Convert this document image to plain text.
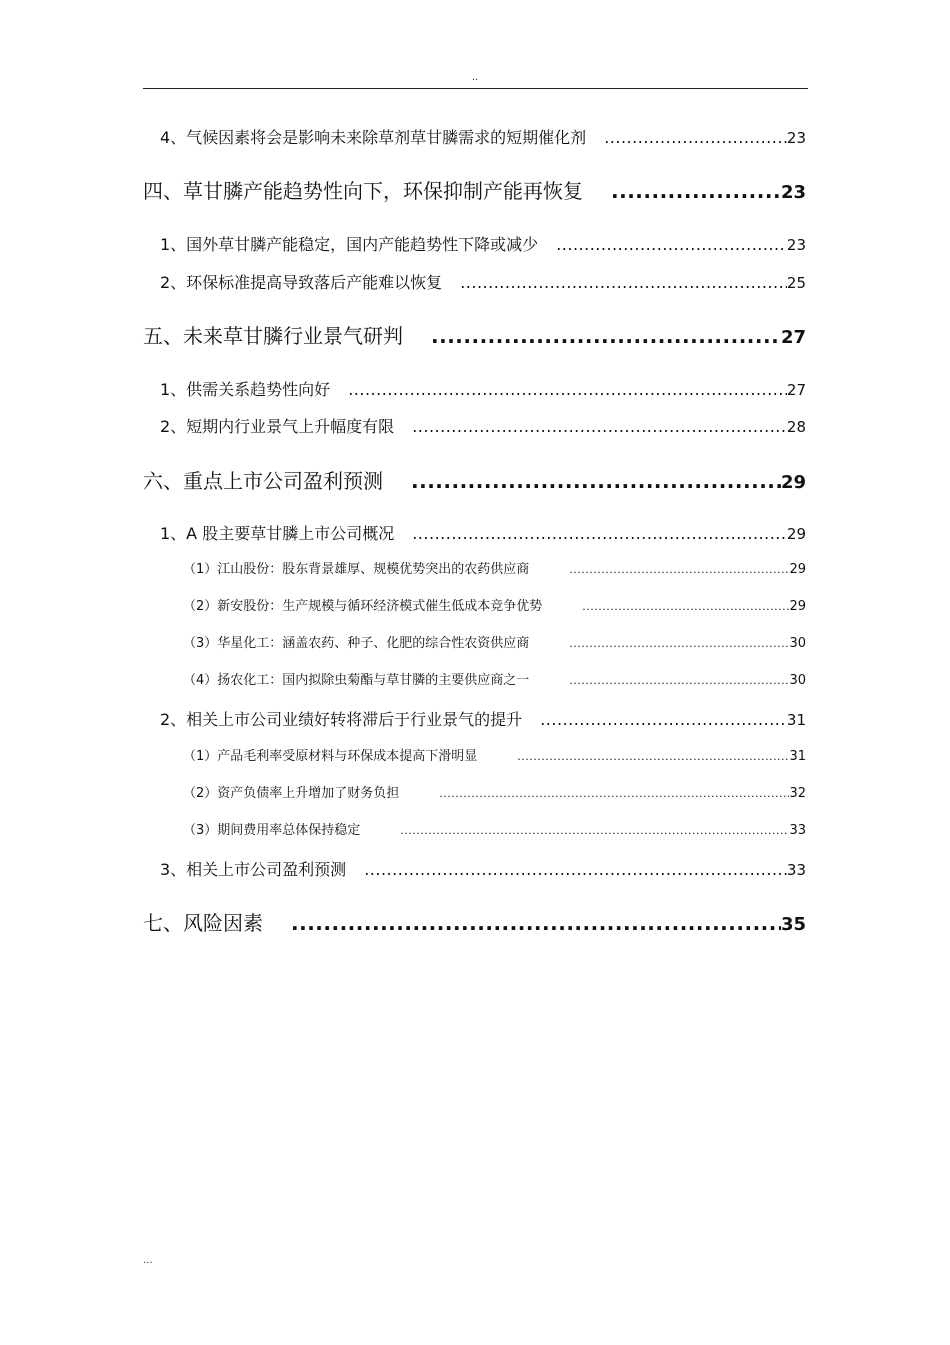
..
4、气候因素将会是影响未来除草剂草甘膦需求的短期催化剂 .....	23
四、草甘膦产能趋势性向下，环保抑制产能再恢复 .....	23
1、国外草甘膦产能稳定，国内产能趋势性下降或减少 .....	23
2、环保标准提高导致落后产能难以恢复 .....	25
五、未来草甘膦行业景气研判 .....	27
1、供需关系趋势性向好 .....	27
2、短期内行业景气上升幅度有限 .....	28
六、重点上市公司盈利预测 .....	29
1、A 股主要草甘膦上市公司概况 .....	29
（1）江山股份：股东背景雄厚、规模优势突出的农药供应商 .....	29
（2）新安股份：生产规模与循环经济模式催生低成本竞争优势 .....	29
（3）华星化工：涵盖农药、种子、化肥的综合性农资供应商 .....	30
（4）扬农化工：国内拟除虫菊酯与草甘膦的主要供应商之一 .....	30
2、相关上市公司业绩好转将滞后于行业景气的提升 .....	31
（1）产品毛利率受原材料与环保成本提高下滑明显 .....	31
（2）资产负债率上升增加了财务负担 .....	32
（3）期间费用率总体保持稳定 .....	33
3、相关上市公司盈利预测 .....	33
七、风险因素 .....	35
...
